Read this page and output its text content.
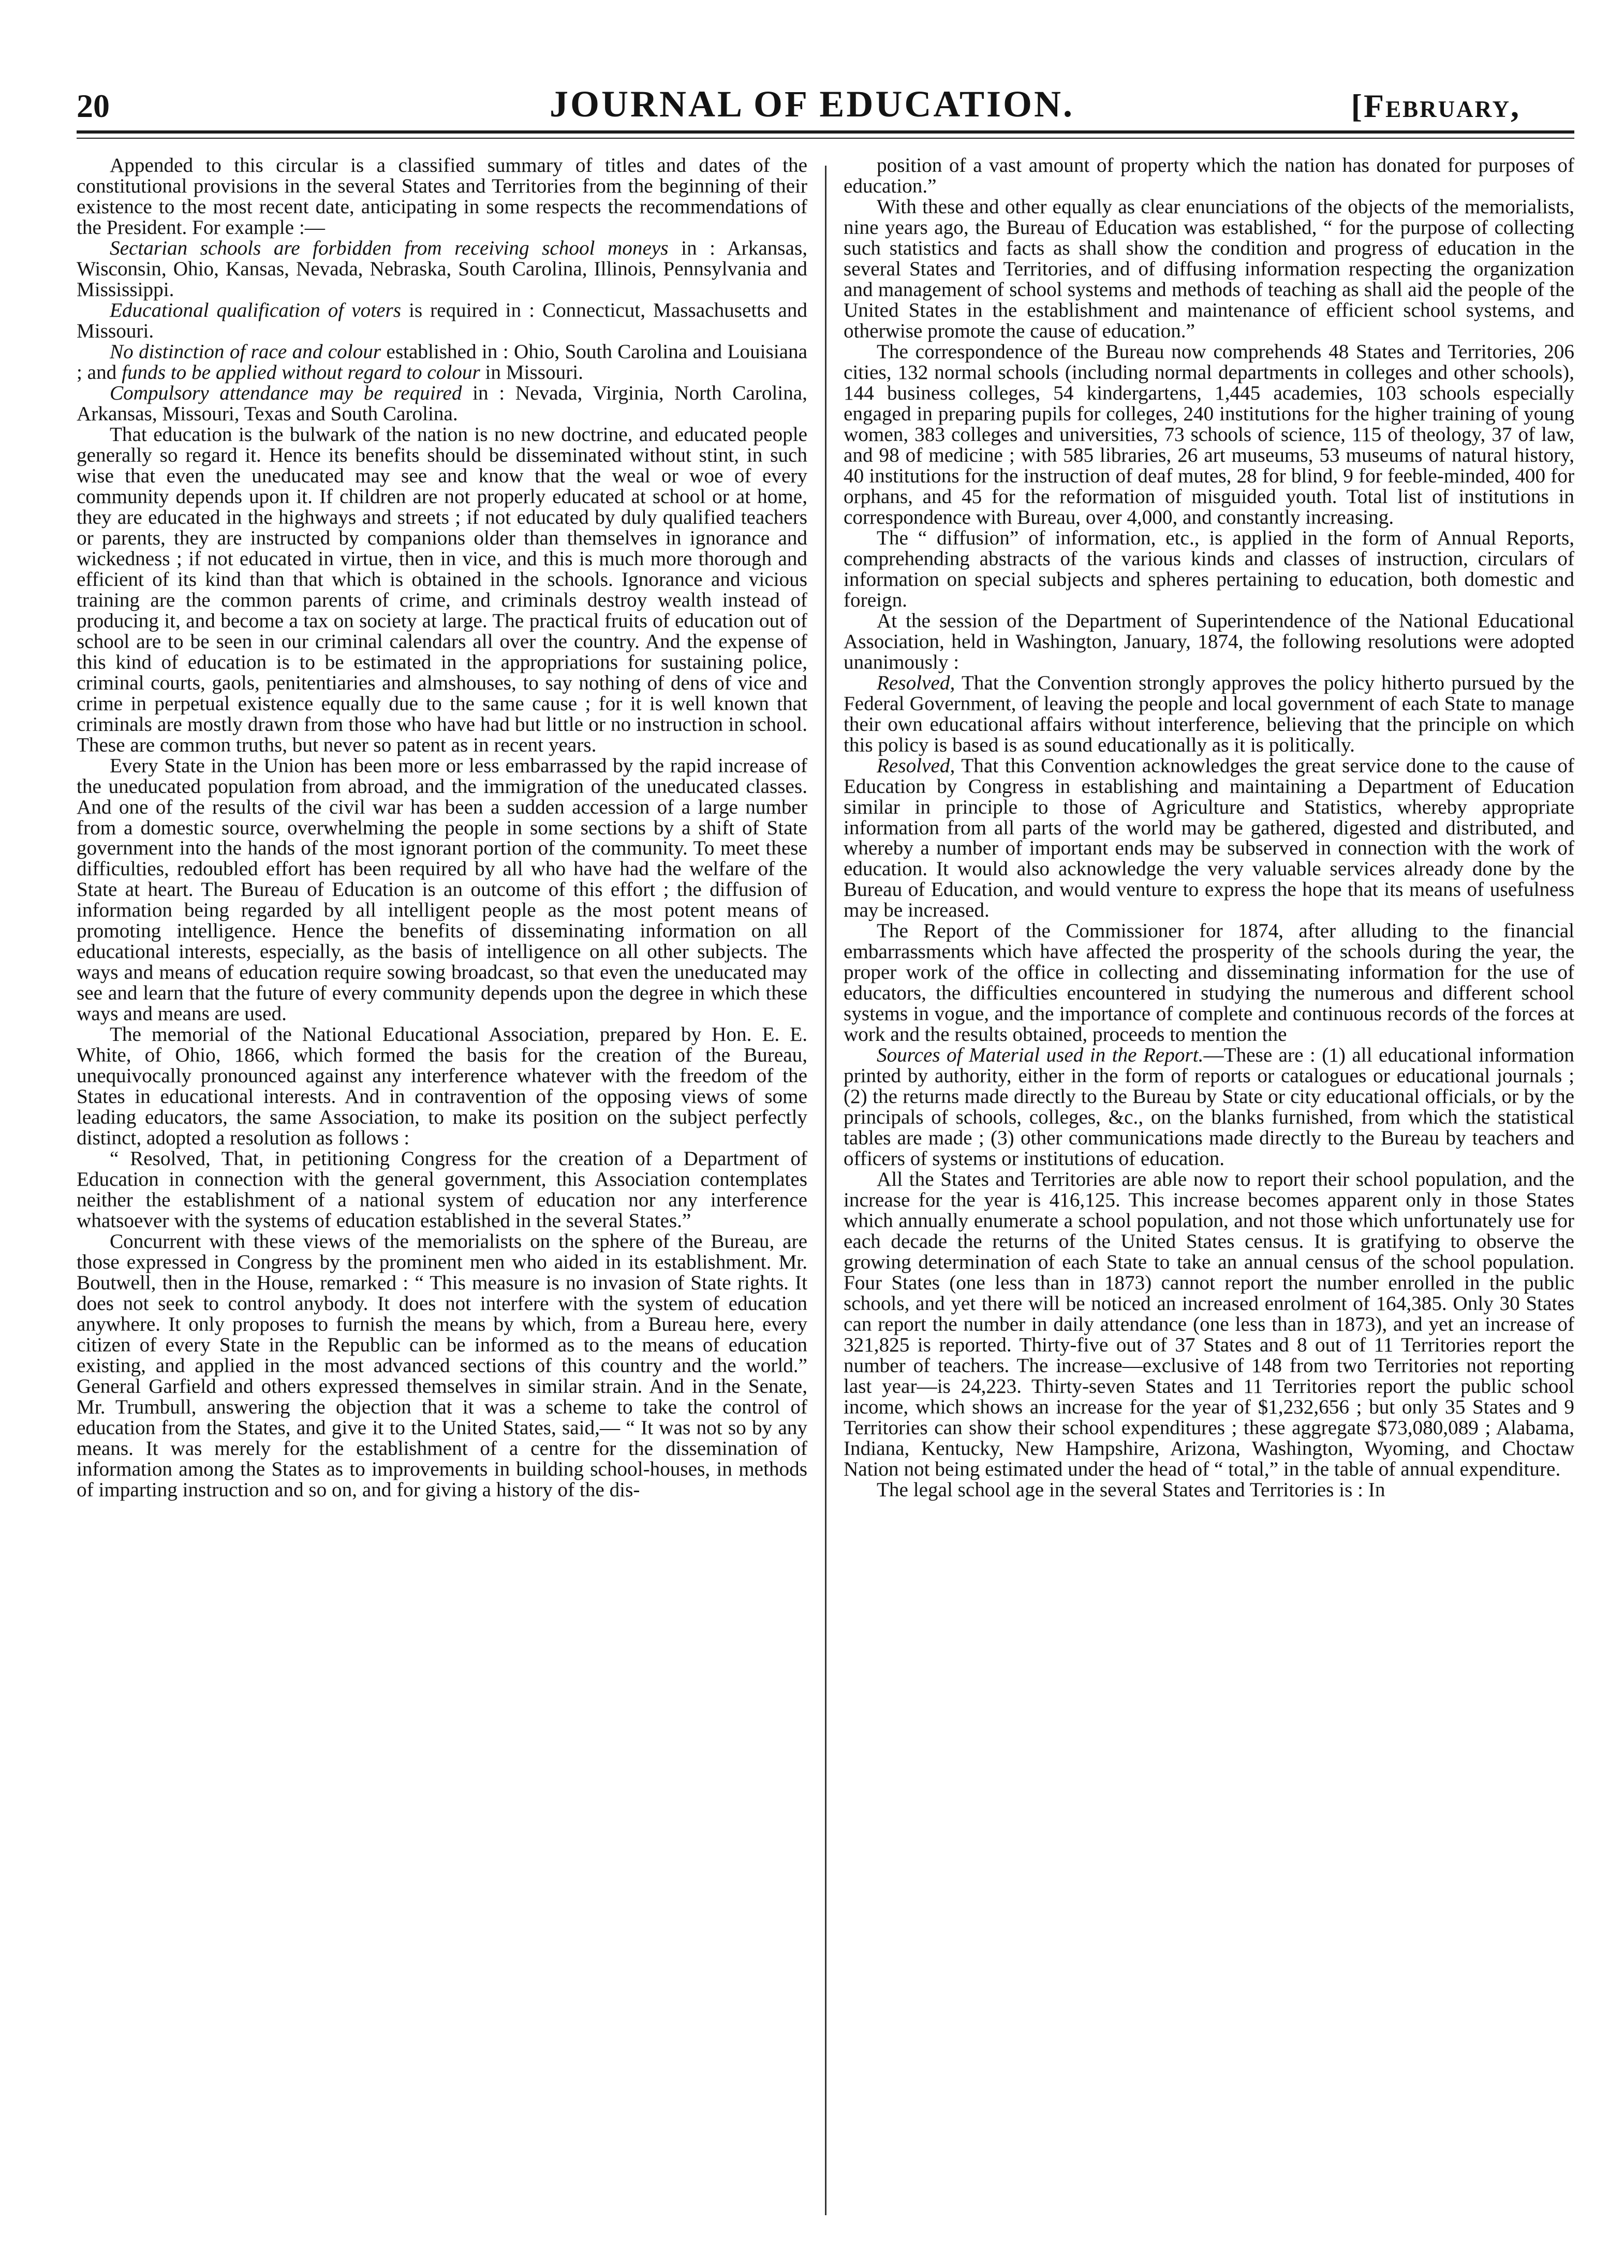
20	JOURNAL OF EDUCATION.	[February,

Appended to this circular is a classified summary of titles and dates of the constitutional provisions in the several States and Territories from the beginning of their existence to the most recent date, anticipating in some respects the recommendations of the President. For example :—

Sectarian schools are forbidden from receiving school moneys in : Arkansas, Wisconsin, Ohio, Kansas, Nevada, Nebraska, South Carolina, Illinois, Pennsylvania and Mississippi.

Educational qualification of voters is required in : Connecticut, Massachusetts and Missouri.

No distinction of race and colour established in : Ohio, South Carolina and Louisiana ; and funds to be applied without regard to colour in Missouri.

Compulsory attendance may be required in : Nevada, Virginia, North Carolina, Arkansas, Missouri, Texas and South Carolina.

That education is the bulwark of the nation is no new doctrine, and educated people generally so regard it. Hence its benefits should be disseminated without stint, in such wise that even the uneducated may see and know that the weal or woe of every community depends upon it. If children are not properly educated at school or at home, they are educated in the highways and streets ; if not educated by duly qualified teachers or parents, they are instructed by companions older than themselves in ignorance and wickedness ; if not educated in virtue, then in vice, and this is much more thorough and efficient of its kind than that which is obtained in the schools. Ignorance and vicious training are the common parents of crime, and criminals destroy wealth instead of producing it, and become a tax on society at large. The practical fruits of education out of school are to be seen in our criminal calendars all over the country. And the expense of this kind of education is to be estimated in the appropriations for sustaining police, criminal courts, gaols, penitentiaries and almshouses, to say nothing of dens of vice and crime in perpetual existence equally due to the same cause ; for it is well known that criminals are mostly drawn from those who have had but little or no instruction in school. These are common truths, but never so patent as in recent years.

Every State in the Union has been more or less embarrassed by the rapid increase of the uneducated population from abroad, and the immigration of the uneducated classes. And one of the results of the civil war has been a sudden accession of a large number from a domestic source, overwhelming the people in some sections by a shift of State government into the hands of the most ignorant portion of the community. To meet these difficulties, redoubled effort has been required by all who have had the welfare of the State at heart. The Bureau of Education is an outcome of this effort ; the diffusion of information being regarded by all intelligent people as the most potent means of promoting intelligence. Hence the benefits of disseminating information on all educational interests, especially, as the basis of intelligence on all other subjects. The ways and means of education require sowing broadcast, so that even the uneducated may see and learn that the future of every community depends upon the degree in which these ways and means are used.

The memorial of the National Educational Association, prepared by Hon. E. E. White, of Ohio, 1866, which formed the basis for the creation of the Bureau, unequivocally pronounced against any interference whatever with the freedom of the States in educational interests. And in contravention of the opposing views of some leading educators, the same Association, to make its position on the subject perfectly distinct, adopted a resolution as follows :

“ Resolved, That, in petitioning Congress for the creation of a Department of Education in connection with the general government, this Association contemplates neither the establishment of a national system of education nor any interference whatsoever with the systems of education established in the several States.”

Concurrent with these views of the memorialists on the sphere of the Bureau, are those expressed in Congress by the prominent men who aided in its establishment. Mr. Boutwell, then in the House, remarked : “ This measure is no invasion of State rights. It does not seek to control anybody. It does not interfere with the system of education anywhere. It only proposes to furnish the means by which, from a Bureau here, every citizen of every State in the Republic can be informed as to the means of education existing, and applied in the most advanced sections of this country and the world.” General Garfield and others expressed themselves in similar strain. And in the Senate, Mr. Trumbull, answering the objection that it was a scheme to take the control of education from the States, and give it to the United States, said,— “ It was not so by any means. It was merely for the establishment of a centre for the dissemination of information among the States as to improvements in building school-houses, in methods of imparting instruction and so on, and for giving a history of the dis-

position of a vast amount of property which the nation has donated for purposes of education.”

With these and other equally as clear enunciations of the objects of the memorialists, nine years ago, the Bureau of Education was established, “ for the purpose of collecting such statistics and facts as shall show the condition and progress of education in the several States and Territories, and of diffusing information respecting the organization and management of school systems and methods of teaching as shall aid the people of the United States in the establishment and maintenance of efficient school systems, and otherwise promote the cause of education.”

The correspondence of the Bureau now comprehends 48 States and Territories, 206 cities, 132 normal schools (including normal departments in colleges and other schools), 144 business colleges, 54 kindergartens, 1,445 academies, 103 schools especially engaged in preparing pupils for colleges, 240 institutions for the higher training of young women, 383 colleges and universities, 73 schools of science, 115 of theology, 37 of law, and 98 of medicine ; with 585 libraries, 26 art museums, 53 museums of natural history, 40 institutions for the instruction of deaf mutes, 28 for blind, 9 for feeble-minded, 400 for orphans, and 45 for the reformation of misguided youth. Total list of institutions in correspondence with Bureau, over 4,000, and constantly increasing.

The “ diffusion” of information, etc., is applied in the form of Annual Reports, comprehending abstracts of the various kinds and classes of instruction, circulars of information on special subjects and spheres pertaining to education, both domestic and foreign.

At the session of the Department of Superintendence of the National Educational Association, held in Washington, January, 1874, the following resolutions were adopted unanimously :

Resolved, That the Convention strongly approves the policy hitherto pursued by the Federal Government, of leaving the people and local government of each State to manage their own educational affairs without interference, believing that the principle on which this policy is based is as sound educationally as it is politically.

Resolved, That this Convention acknowledges the great service done to the cause of Education by Congress in establishing and maintaining a Department of Education similar in principle to those of Agriculture and Statistics, whereby appropriate information from all parts of the world may be gathered, digested and distributed, and whereby a number of important ends may be subserved in connection with the work of education. It would also acknowledge the very valuable services already done by the Bureau of Education, and would venture to express the hope that its means of usefulness may be increased.

The Report of the Commissioner for 1874, after alluding to the financial embarrassments which have affected the prosperity of the schools during the year, the proper work of the office in collecting and disseminating information for the use of educators, the difficulties encountered in studying the numerous and different school systems in vogue, and the importance of complete and continuous records of the forces at work and the results obtained, proceeds to mention the

Sources of Material used in the Report.—These are : (1) all educational information printed by authority, either in the form of reports or catalogues or educational journals ; (2) the returns made directly to the Bureau by State or city educational officials, or by the principals of schools, colleges, &c., on the blanks furnished, from which the statistical tables are made ; (3) other communications made directly to the Bureau by teachers and officers of systems or institutions of education.

All the States and Territories are able now to report their school population, and the increase for the year is 416,125. This increase becomes apparent only in those States which annually enumerate a school population, and not those which unfortunately use for each decade the returns of the United States census. It is gratifying to observe the growing determination of each State to take an annual census of the school population. Four States (one less than in 1873) cannot report the number enrolled in the public schools, and yet there will be noticed an increased enrolment of 164,385. Only 30 States can report the number in daily attendance (one less than in 1873), and yet an increase of 321,825 is reported. Thirty-five out of 37 States and 8 out of 11 Territories report the number of teachers. The increase—exclusive of 148 from two Territories not reporting last year—is 24,223. Thirty-seven States and 11 Territories report the public school income, which shows an increase for the year of $1,232,656 ; but only 35 States and 9 Territories can show their school expenditures ; these aggregate $73,080,089 ; Alabama, Indiana, Kentucky, New Hampshire, Arizona, Washington, Wyoming, and Choctaw Nation not being estimated under the head of “ total,” in the table of annual expenditure.

The legal school age in the several States and Territories is : In
